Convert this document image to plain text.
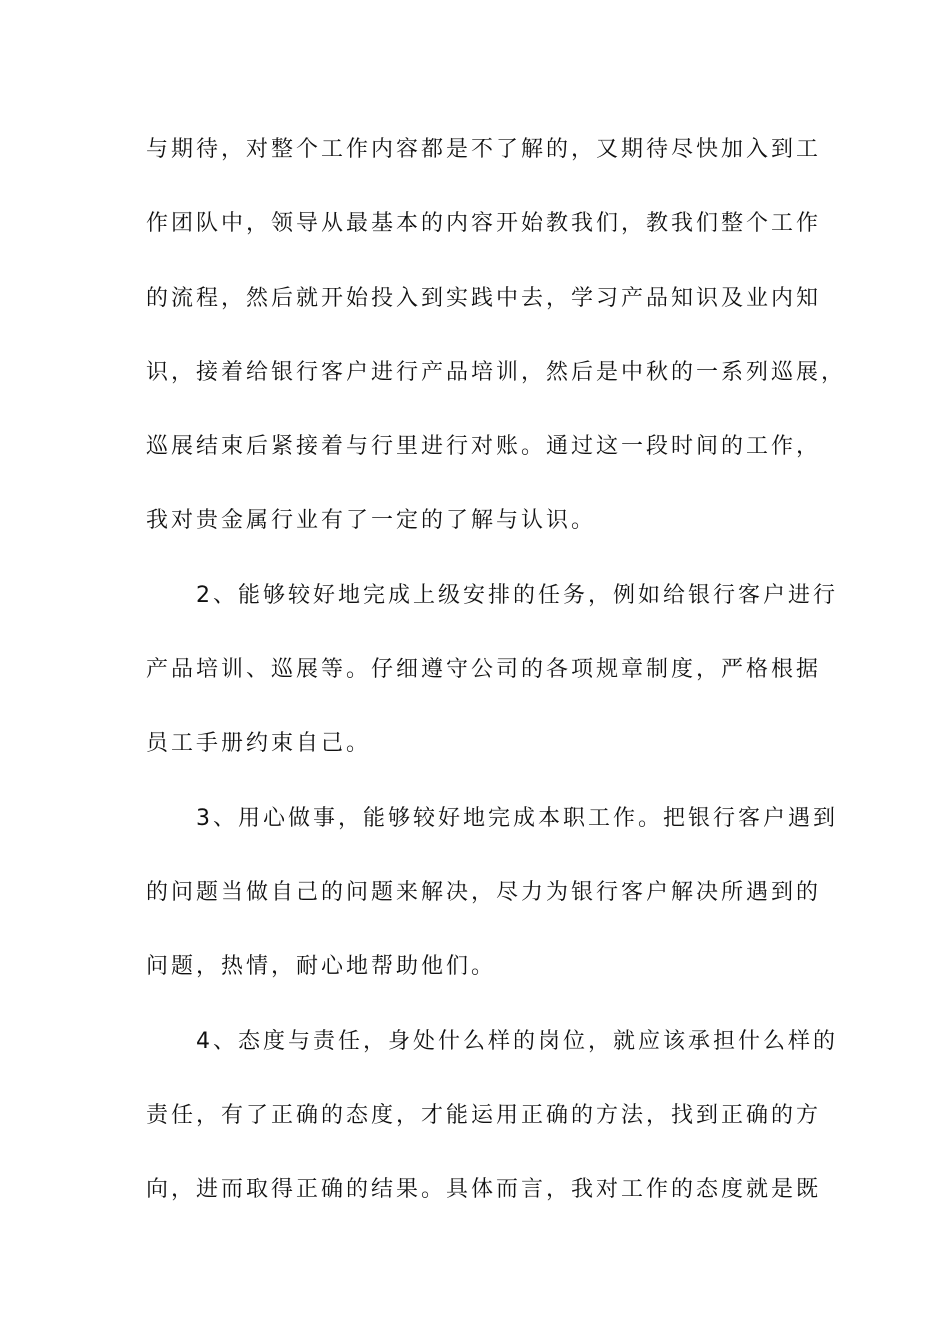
与期待，对整个工作内容都是不了解的，又期待尽快加入到工
作团队中，领导从最基本的内容开始教我们，教我们整个工作
的流程，然后就开始投入到实践中去，学习产品知识及业内知
识，接着给银行客户进行产品培训，然后是中秋的一系列巡展，
巡展结束后紧接着与行里进行对账。通过这一段时间的工作，
我对贵金属行业有了一定的了解与认识。
　　2、能够较好地完成上级安排的任务，例如给银行客户进行
产品培训、巡展等。仔细遵守公司的各项规章制度，严格根据
员工手册约束自己。
　　3、用心做事，能够较好地完成本职工作。把银行客户遇到
的问题当做自己的问题来解决，尽力为银行客户解决所遇到的
问题，热情，耐心地帮助他们。
　　4、态度与责任，身处什么样的岗位，就应该承担什么样的
责任，有了正确的态度，才能运用正确的方法，找到正确的方
向，进而取得正确的结果。具体而言，我对工作的态度就是既
